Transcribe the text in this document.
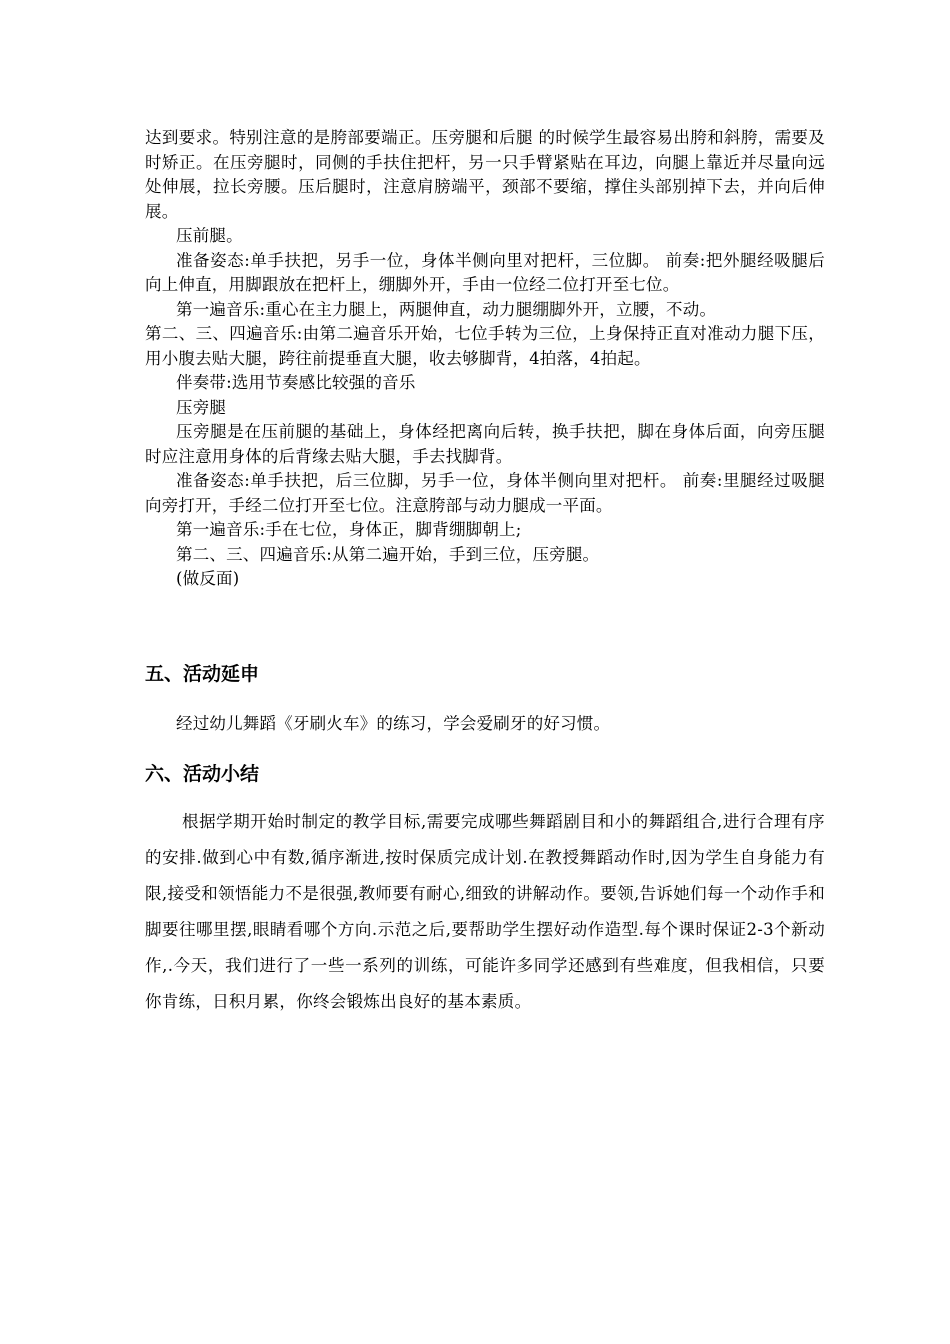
达到要求。特别注意的是胯部要端正。压旁腿和后腿 的时候学生最容易出胯和斜胯，需要及时矫正。在压旁腿时，同侧的手扶住把杆，另一只手臂紧贴在耳边，向腿上靠近并尽量向远处伸展，拉长旁腰。压后腿时，注意肩膀端平，颈部不要缩，撑住头部别掉下去，并向后伸展。

压前腿。

准备姿态:单手扶把，另手一位，身体半侧向里对把杆，三位脚。 前奏:把外腿经吸腿后向上伸直，用脚跟放在把杆上，绷脚外开，手由一位经二位打开至七位。

第一遍音乐:重心在主力腿上，两腿伸直，动力腿绷脚外开，立腰，不动。

第二、三、四遍音乐:由第二遍音乐开始，七位手转为三位，上身保持正直对准动力腿下压，用小腹去贴大腿，跨往前提垂直大腿，收去够脚背，4拍落，4拍起。

伴奏带:选用节奏感比较强的音乐

压旁腿

压旁腿是在压前腿的基础上，身体经把离向后转，换手扶把，脚在身体后面，向旁压腿时应注意用身体的后背缘去贴大腿，手去找脚背。

准备姿态:单手扶把，后三位脚，另手一位，身体半侧向里对把杆。 前奏:里腿经过吸腿向旁打开，手经二位打开至七位。注意胯部与动力腿成一平面。

第一遍音乐:手在七位，身体正，脚背绷脚朝上;

第二、三、四遍音乐:从第二遍开始，手到三位，压旁腿。

(做反面)

五、活动延申

经过幼儿舞蹈《牙刷火车》的练习，学会爱刷牙的好习惯。

六、活动小结

根据学期开始时制定的教学目标,需要完成哪些舞蹈剧目和小的舞蹈组合,进行合理有序的安排.做到心中有数,循序渐进,按时保质完成计划.在教授舞蹈动作时,因为学生自身能力有限,接受和领悟能力不是很强,教师要有耐心,细致的讲解动作。要领,告诉她们每一个动作手和脚要往哪里摆,眼睛看哪个方向.示范之后,要帮助学生摆好动作造型.每个课时保证2-3个新动作,.今天，我们进行了一些一系列的训练，可能许多同学还感到有些难度，但我相信，只要你肯练，日积月累，你终会锻炼出良好的基本素质。
